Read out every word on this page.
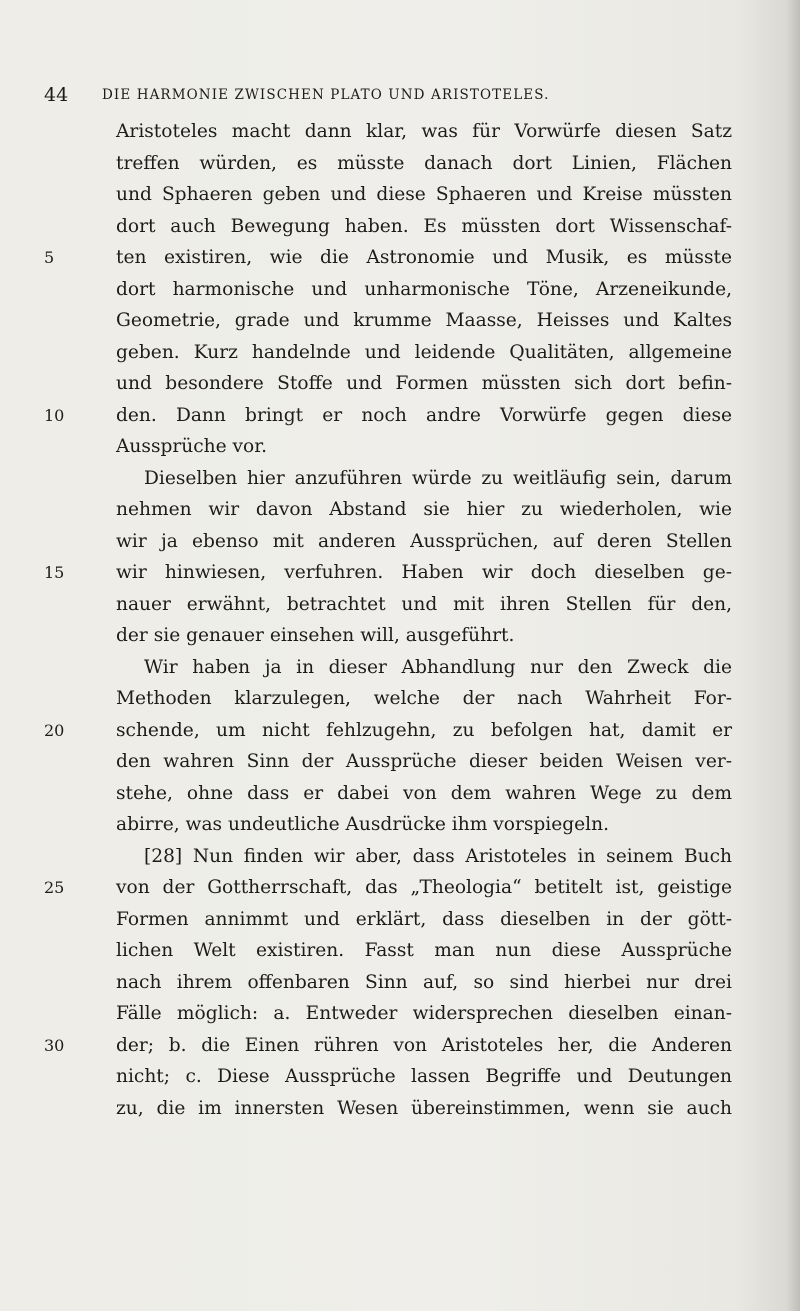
44	DIE HARMONIE ZWISCHEN PLATO UND ARISTOTELES.
Aristoteles macht dann klar, was für Vorwürfe diesen Satz
treffen würden, es müsste danach dort Linien, Flächen
und Sphaeren geben und diese Sphaeren und Kreise müssten
dort auch Bewegung haben. Es müssten dort Wissenschaf-
5	ten existiren, wie die Astronomie und Musik, es müsste
dort harmonische und unharmonische Töne, Arzeneikunde,
Geometrie, grade und krumme Maasse, Heisses und Kaltes
geben. Kurz handelnde und leidende Qualitäten, allgemeine
und besondere Stoffe und Formen müssten sich dort befin-
10	den. Dann bringt er noch andre Vorwürfe gegen diese
Aussprüche vor.
Dieselben hier anzuführen würde zu weitläufig sein, darum
nehmen wir davon Abstand sie hier zu wiederholen, wie
wir ja ebenso mit anderen Aussprüchen, auf deren Stellen
15	wir hinwiesen, verfuhren. Haben wir doch dieselben ge-
nauer erwähnt, betrachtet und mit ihren Stellen für den,
der sie genauer einsehen will, ausgeführt.
Wir haben ja in dieser Abhandlung nur den Zweck die
Methoden klarzulegen, welche der nach Wahrheit For-
20	schende, um nicht fehlzugehn, zu befolgen hat, damit er
den wahren Sinn der Aussprüche dieser beiden Weisen ver-
stehe, ohne dass er dabei von dem wahren Wege zu dem
abirre, was undeutliche Ausdrücke ihm vorspiegeln.
[28] Nun finden wir aber, dass Aristoteles in seinem Buch
25	von der Gottherrschaft, das „Theologia“ betitelt ist, geistige
Formen annimmt und erklärt, dass dieselben in der gött-
lichen Welt existiren. Fasst man nun diese Aussprüche
nach ihrem offenbaren Sinn auf, so sind hierbei nur drei
Fälle möglich: a. Entweder widersprechen dieselben einan-
30	der; b. die Einen rühren von Aristoteles her, die Anderen
nicht; c. Diese Aussprüche lassen Begriffe und Deutungen
zu, die im innersten Wesen übereinstimmen, wenn sie auch
